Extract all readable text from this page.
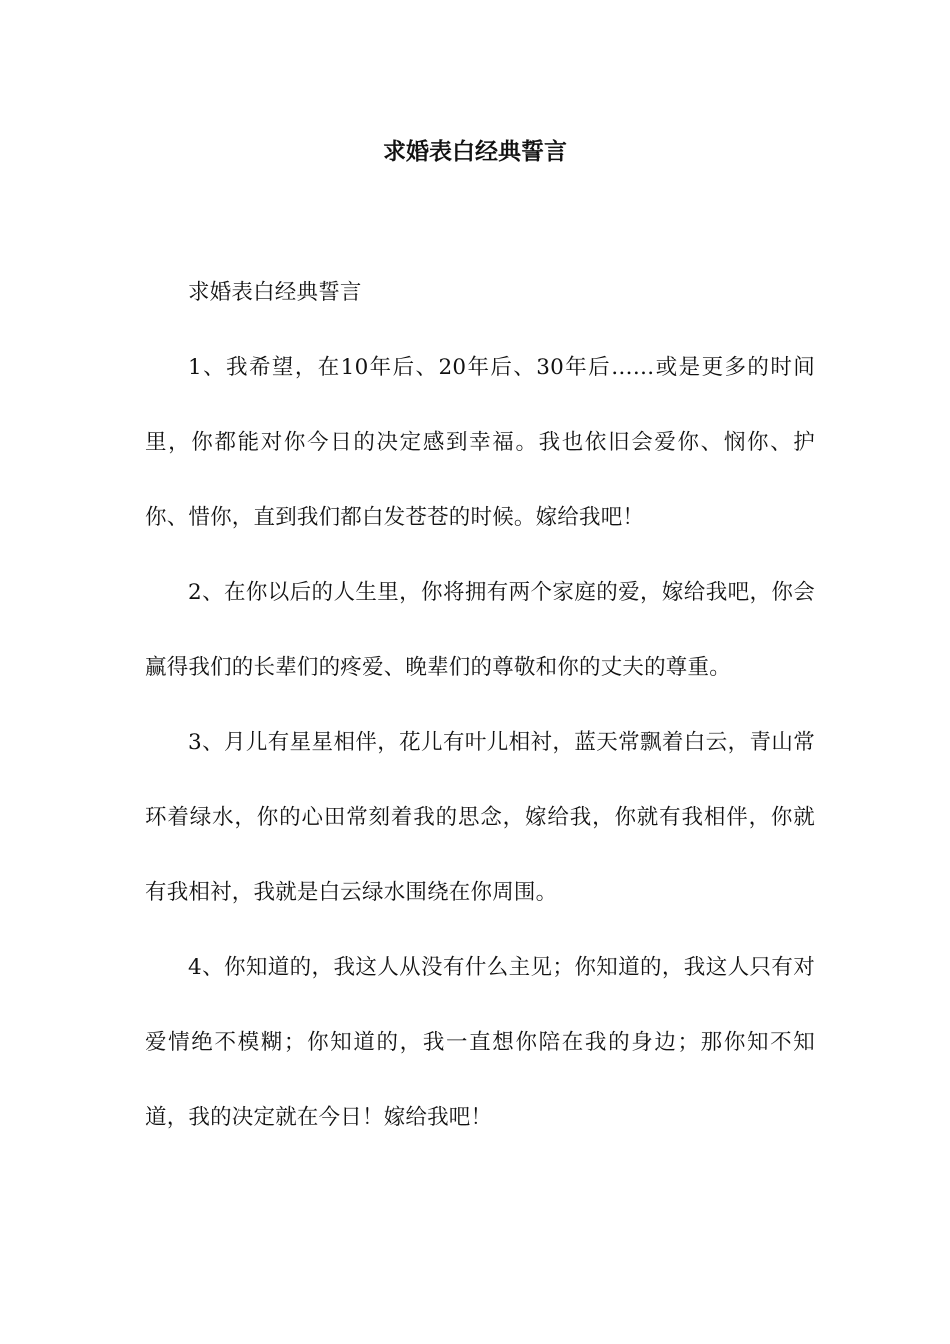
求婚表白经典誓言

求婚表白经典誓言

1、我希望，在10年后、20年后、30年后……或是更多的时间里，你都能对你今日的决定感到幸福。我也依旧会爱你、悯你、护你、惜你，直到我们都白发苍苍的时候。嫁给我吧！

2、在你以后的人生里，你将拥有两个家庭的爱，嫁给我吧，你会赢得我们的长辈们的疼爱、晚辈们的尊敬和你的丈夫的尊重。

3、月儿有星星相伴，花儿有叶儿相衬，蓝天常飘着白云，青山常环着绿水，你的心田常刻着我的思念，嫁给我，你就有我相伴，你就有我相衬，我就是白云绿水围绕在你周围。

4、你知道的，我这人从没有什么主见；你知道的，我这人只有对爱情绝不模糊；你知道的，我一直想你陪在我的身边；那你知不知道，我的决定就在今日！嫁给我吧！
